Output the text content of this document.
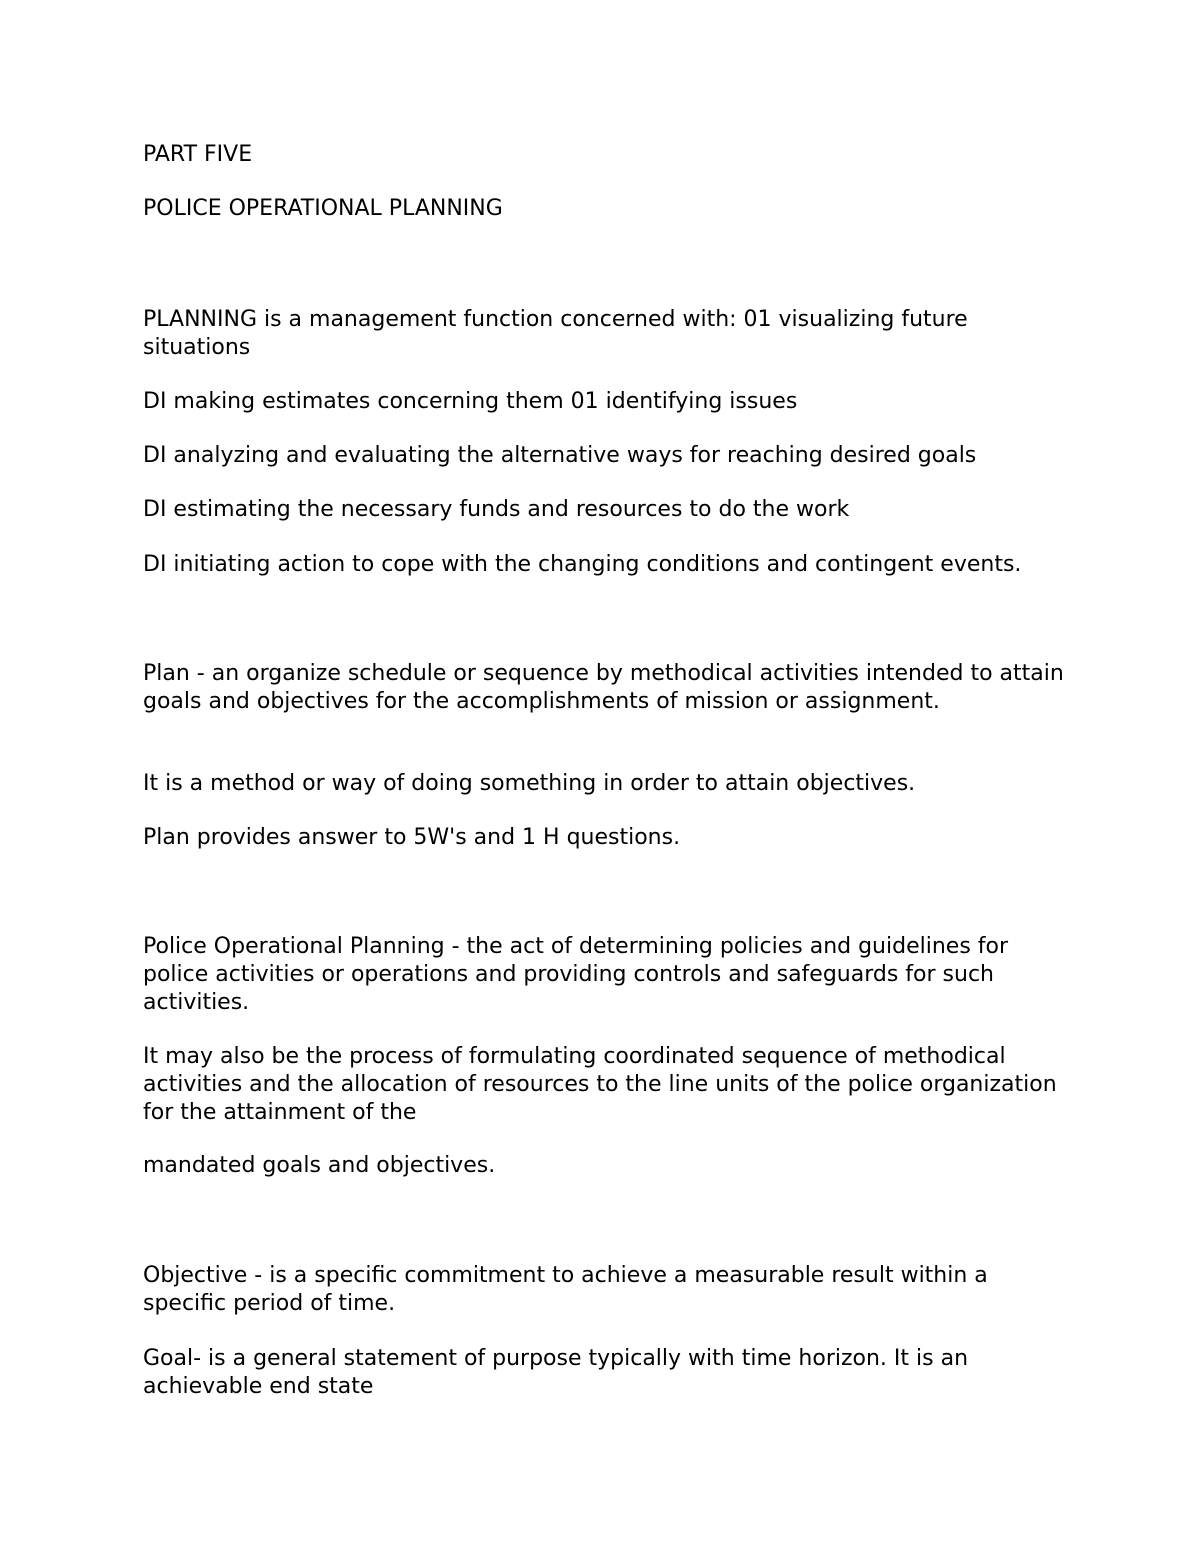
PART FIVE

POLICE OPERATIONAL PLANNING

PLANNING is a management function concerned with: 01 visualizing future situations

DI making estimates concerning them 01 identifying issues

DI analyzing and evaluating the alternative ways for reaching desired goals

DI estimating the necessary funds and resources to do the work

DI initiating action to cope with the changing conditions and contingent events.

Plan - an organize schedule or sequence by methodical activities intended to attain goals and objectives for the accomplishments of mission or assignment.

It is a method or way of doing something in order to attain objectives.

Plan provides answer to 5W's and 1 H questions.

Police Operational Planning - the act of determining policies and guidelines for police activities or operations and providing controls and safeguards for such activities.

It may also be the process of formulating coordinated sequence of methodical activities and the allocation of resources to the line units of the police organization for the attainment of the

mandated goals and objectives.

Objective - is a specific commitment to achieve a measurable result within a specific period of time.

Goal- is a general statement of purpose typically with time horizon. It is an achievable end state
